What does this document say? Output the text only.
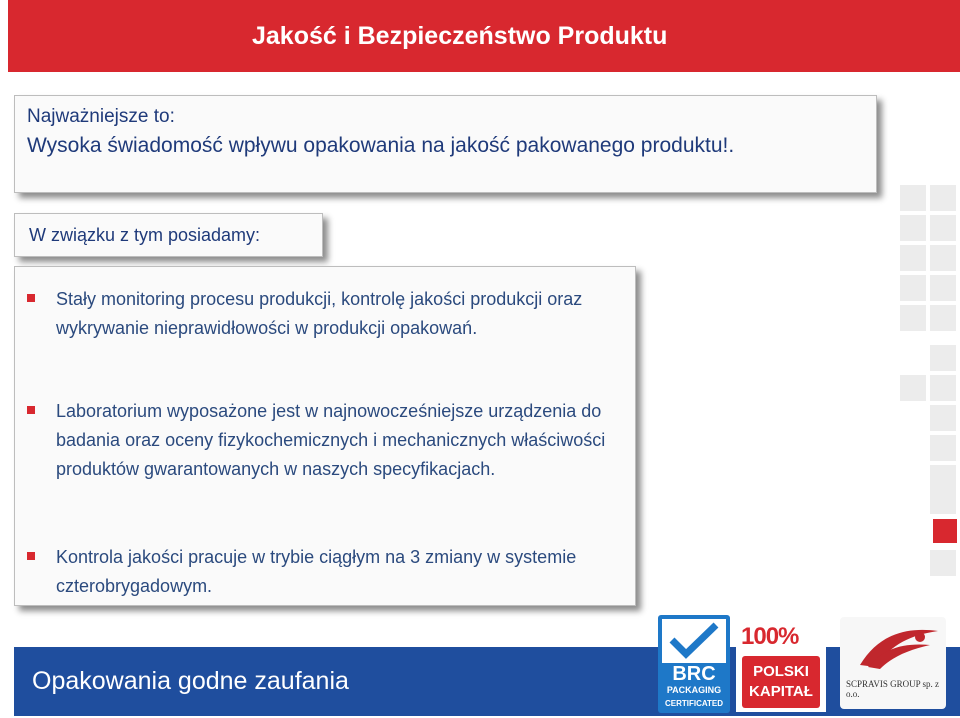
Jakość i Bezpieczeństwo Produktu
Najważniejsze to:
Wysoka świadomość wpływu opakowania na jakość pakowanego produktu!.
W związku z tym posiadamy:
Stały monitoring procesu produkcji, kontrolę jakości produkcji oraz wykrywanie nieprawidłowości w produkcji opakowań.
Laboratorium wyposażone jest w najnowocześniejsze urządzenia do badania oraz oceny fizykochemicznych i mechanicznych właściwości produktów gwarantowanych w naszych specyfikacjach.
Kontrola jakości pracuje w trybie ciągłym na 3 zmiany w systemie czterobrygadowym.
Opakowania godne zaufania	BRC
PACKAGING
CERTIFICATED
100%
POLSKI
KAPITAŁ	SCPRAVIS GROUP sp. z o.o.
